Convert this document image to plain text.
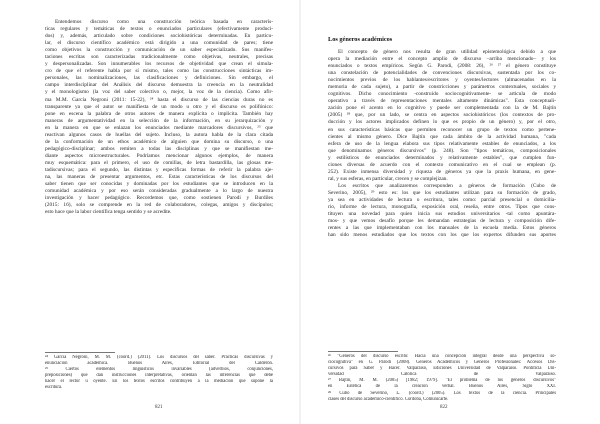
Entendemos discurso como una construcción teórica basada en caracterís-
ticas regulares y temáticas de textos o enunciados particulares (efectivamente produci-
dos) y, además, articulado sobre condiciones sociohistóricas determinadas. En particu-
lar, el discurso científico académico está dirigido a una comunidad de pares; tiene
como objetivos la construcción y comunicación de un saber especializado. Sus manifes-
taciones escritas son caracterizadas tradicionalmente como objetivas, neutrales, precisas
y despersonalizadas. Son innumerables los recursos de objetividad que crean el simula-
cro de que el referente habla por sí mismo, tales como las construcciones sintácticas im-
personales, las nominalizaciones, las clasificaciones y definiciones. Sin embargo, el
campo interdisciplinar del Análisis del discurso demuestra la creencia en la neutralidad
y el monologismo (la voz del saber colectivo o, mejor, la voz de la ciencia). Como afir-
ma M.M. García Negroni (2011: 15-22), ²⁴ hasta el discurso de las ciencias duras no es
transparente ya que el autor se manifiesta de un modo u otro y el discurso es polifónico:
pone en escena la palabra de otros autores de manera explícita o implícita. También hay
maneras de argumentatividad en la selección de la información, en su jerarquización y
en la manera en que se enlazan los enunciados mediante marcadores discursivos, ²⁵ que
reactivan algunos casos de huellas del sujeto. Incluso, la autora habla de la clara citada
de la conformación de un ethos académico de alguien que domina su discurso, o una
pedagógico-disciplinar; ambos remiten a todas las disciplinas y que se manifiestan me-
diante aspectos microestructurales. Podríamos mencionar algunos ejemplos, de manera
muy esquemática: para el primero, el uso de comillas, de letra bastardilla, las glosas me-
tadiscursivas; para el segundo, las distintas y específicas formas de referir la palabra aje-
na, las maneras de presentar argumentos, etc. Estas características de los discursos del
saber tienen que ser conocidas y dominadas por los estudiantes que se introducen en la
comunidad académica y por eso serán consideradas gradualmente a lo largo de nuestra
investigación y hacer pedagógico. Recordemos que, como sostienen Parodi y Burdiles
(2015: 16), solo se comprende en la red de colaboradores, colegas, amigos y discípulos;
esto hace que la labor científica tenga sentido y se acredite.
²⁴ García Negroni, M. M. (coord.) (2011). Los discursos del saber. Prácticas discursivas y
enunciación académica. Buenos Aires, Editorial del Calderón.
²⁵ Ciertos elementos lingüísticos invariables (adverbios, conjunciones,
preposiciones) que dan instrucciones interpretativas, orientan las inferencias que debe
hacer el lector u oyente. En los textos escritos contribuyen a la mediación que supone la
escritura.
821
Los géneros académicos
El concepto de género nos resulta de gran utilidad epistemológica debido a que
opera la mediación entre el concepto amplio de discurso –arriba mencionado– y los
enunciados o textos empíricos. Según G. Parodi, (2008: 26), ²⁶ ²⁷ el género constituye
una constelación de potencialidades de convenciones discursivas, sustentada por los co-
nocimientos previos de los hablantes/escritores y oyentes/lectores (almacenados en la
memoria de cada sujeto), a partir de constricciones y parámetros contextuales, sociales y
cognitivos. Dicho conocimiento -construido sociocognitivamente- se articula de modo
operativo a través de representaciones mentales altamente dinámicas". Esta conceptuali-
zación pone el acento en lo cognitivo y puede ser complementada con la de M. Bajtín
(2005) ²⁸ que, por un lado, se centra en aspectos sociohistóricos (los contextos de pro-
ducción y los actores implicados definen lo que es propio de un género) y, por el otro,
en sus características básicas que permiten reconocer un grupo de textos como pertene-
cientes al mismo género. Dice Bajtín que cada ámbito de la actividad humana, "cada
esfera de uso de la lengua elabora sus tipos relativamente estables de enunciados, a los
que denominamos géneros discursivos" (p. 248). Son "tipos temáticos, composicionales
y estilísticos de enunciados determinados y relativamente estables", que cumplen fun-
ciones diversas de acuerdo con el contexto comunicativo en el cual se emplean (p.
252). Existe inmensa diversidad y riqueza de géneros ya que la praxis humana, en gene-
ral, y sus esferas, en particular, crecen y se complejizan.
Los escritos que analizaremos corresponden a géneros de formación (Cubo de
Severino, 2005), ²⁹ esto es: los que los estudiantes utilizan para su formación de grado,
ya sea en actividades de lectura o escritura, tales como: parcial presencial o domicilia-
rio, informe de lectura, monografía, exposición oral, reseña, entre otros. Tipos que cons-
tituyen una novedad para quien inicia sus estudios universitarios -tal como apuntára-
mos- y que vemos desafío porque les demandan estrategias de lectura y composición dife-
rentes a las que implementaban con los manuales de la escuela media. Estos géneros
han sido menos estudiados que los textos con los que los expertos difunden sus aportes
²⁶ "Géneros del discurso escrito: Hacia una concepción integral desde una perspectiva so-
ciocognitiva" en G. Parodi (2008). Géneros Académicos y Géneros Profesionales: Accesos Dis-
cursivos para Saber y Hacer. Valparaíso, Ediciones Universidad de Valparaíso. Pontificia Uni-
versidad Católica de Valparaíso.
²⁷ Bajtín, M. M. (2005) [1982; 1979]. "El problema de los géneros discursivos"
en Estética de la creación verbal. Buenos Aires, Siglo XXI.
²⁸ Cubo de Severino, L. (coord.) (2005). Los textos de la ciencia. Principales
clases del discurso académico-científico. Córdoba, Comunicarte.
822
